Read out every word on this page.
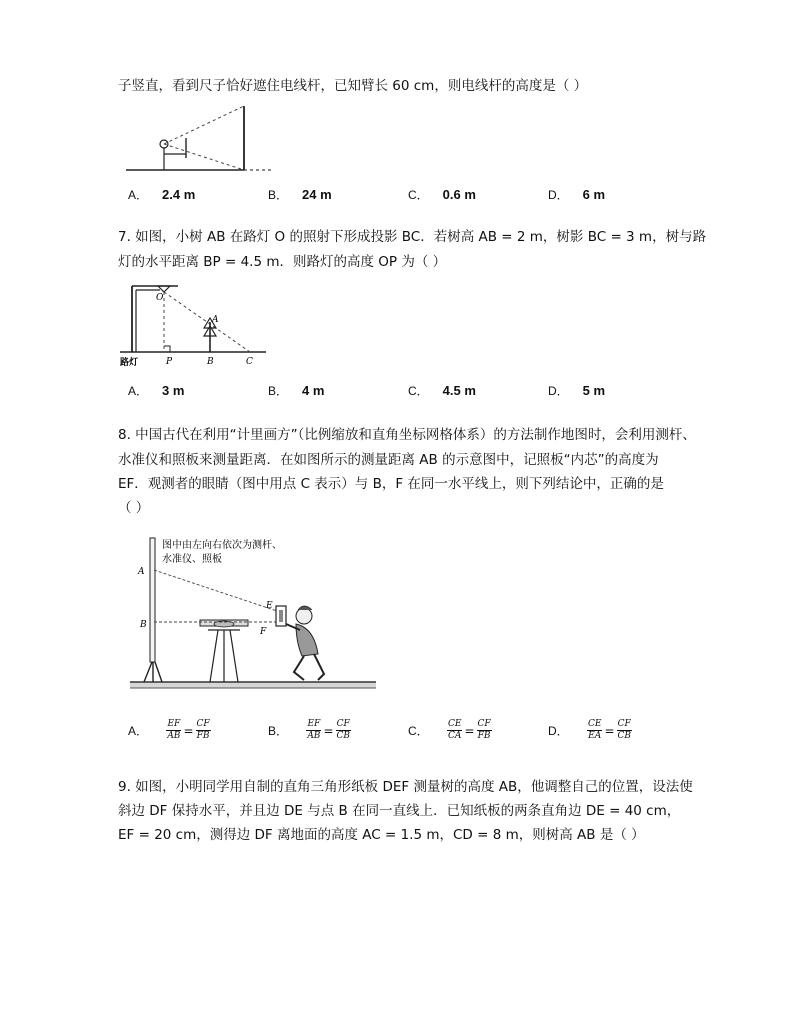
子竖直，看到尺子恰好遮住电线杆，已知臂长 60 cm，则电线杆的高度是（ ）
A． 2.4 m	B． 24 m	C． 0.6 m	D． 6 m
7. 如图，小树 AB 在路灯 O 的照射下形成投影 BC．若树高 AB = 2 m，树影 BC = 3 m，树与路
灯的水平距离 BP = 4.5 m．则路灯的高度 OP 为（ ）
O
A
P	B	C
路灯
A． 3 m	B． 4 m	C． 4.5 m	D． 5 m
8. 中国古代在利用“计里画方”（比例缩放和直角坐标网格体系）的方法制作地图时，会利用测杆、
水准仪和照板来测量距离．在如图所示的测量距离 AB 的示意图中，记照板“内芯”的高度为
EF．观测者的眼睛（图中用点 C 表示）与 B，F 在同一水平线上，则下列结论中，正确的是
（ ）
A
B
E
F
图中由左向右依次为测杆、
水准仪、照板
A． $\frac{EF}{AB} = \frac{CF}{FB}$	B． $\frac{EF}{AB} = \frac{CF}{CB}$	C． $\frac{CE}{CA} = \frac{CF}{FB}$	D． $\frac{CE}{EA} = \frac{CF}{CB}$
9. 如图，小明同学用自制的直角三角形纸板 DEF 测量树的高度 AB，他调整自己的位置，设法使
斜边 DF 保持水平，并且边 DE 与点 B 在同一直线上．已知纸板的两条直角边 DE = 40 cm，
EF = 20 cm，测得边 DF 离地面的高度 AC = 1.5 m，CD = 8 m，则树高 AB 是（ ）
